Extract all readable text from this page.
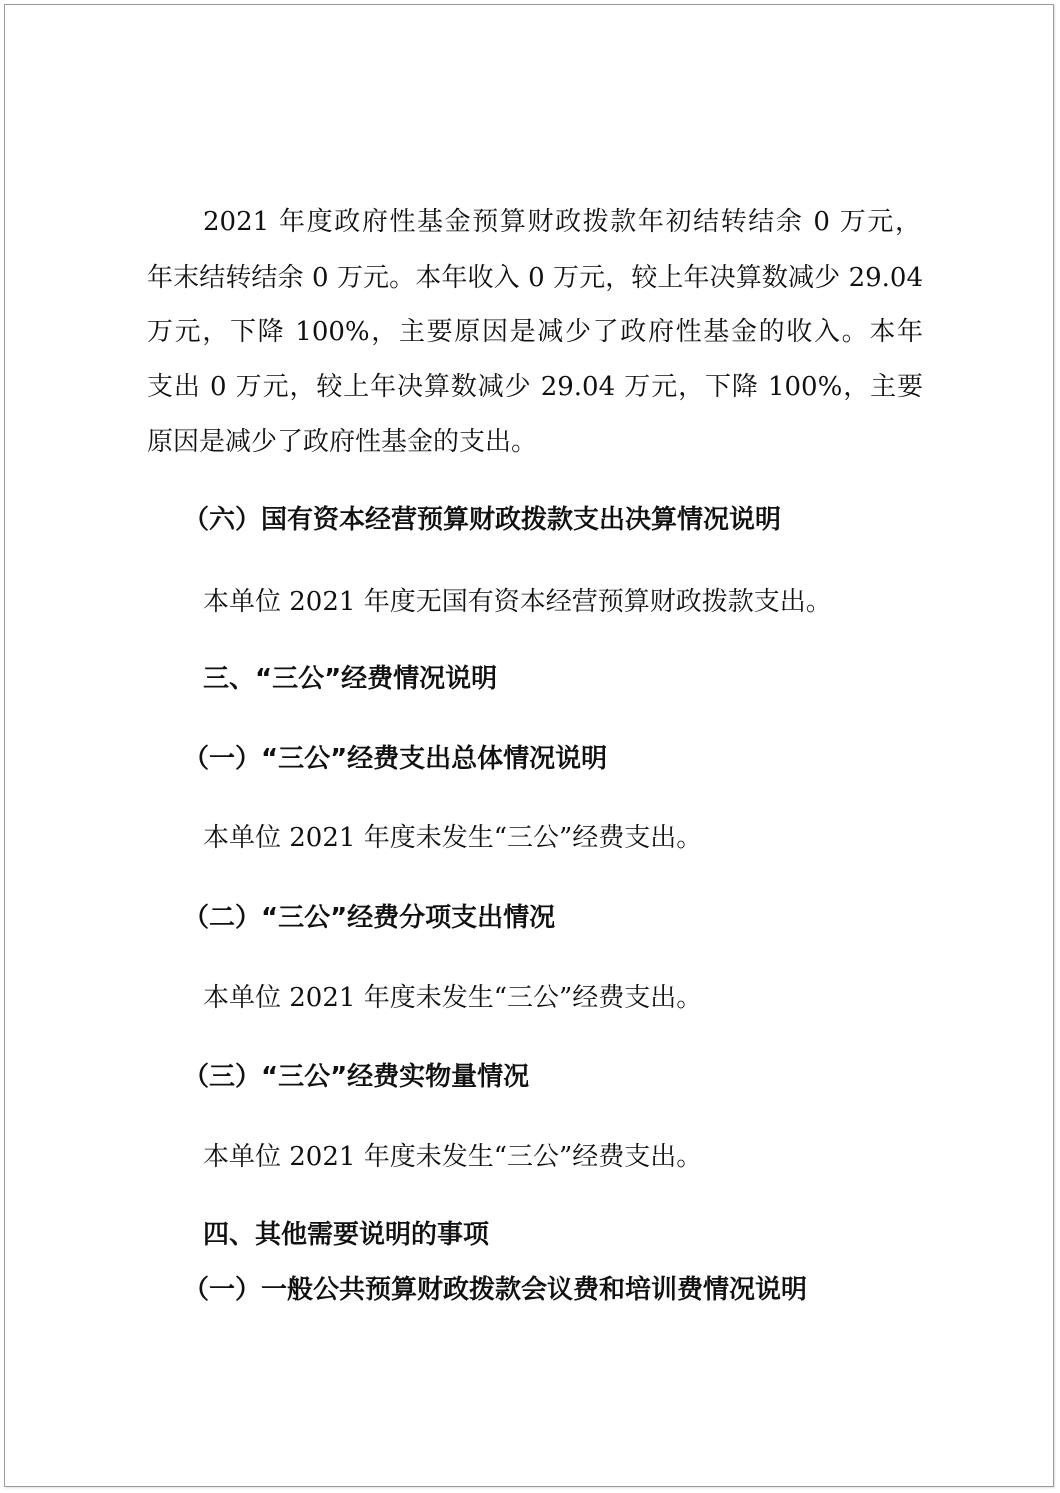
2021 年度政府性基金预算财政拨款年初结转结余 0 万元，

年末结转结余 0 万元。本年收入 0 万元，较上年决算数减少 29.04

万元，下降 100%，主要原因是减少了政府性基金的收入。本年

支出 0 万元，较上年决算数减少 29.04 万元，下降 100%，主要

原因是减少了政府性基金的支出。

（六）国有资本经营预算财政拨款支出决算情况说明

本单位 2021 年度无国有资本经营预算财政拨款支出。

三、“三公”经费情况说明

（一）“三公”经费支出总体情况说明

本单位 2021 年度未发生“三公”经费支出。

（二）“三公”经费分项支出情况

本单位 2021 年度未发生“三公”经费支出。

（三）“三公”经费实物量情况

本单位 2021 年度未发生“三公”经费支出。

四、其他需要说明的事项

（一）一般公共预算财政拨款会议费和培训费情况说明
